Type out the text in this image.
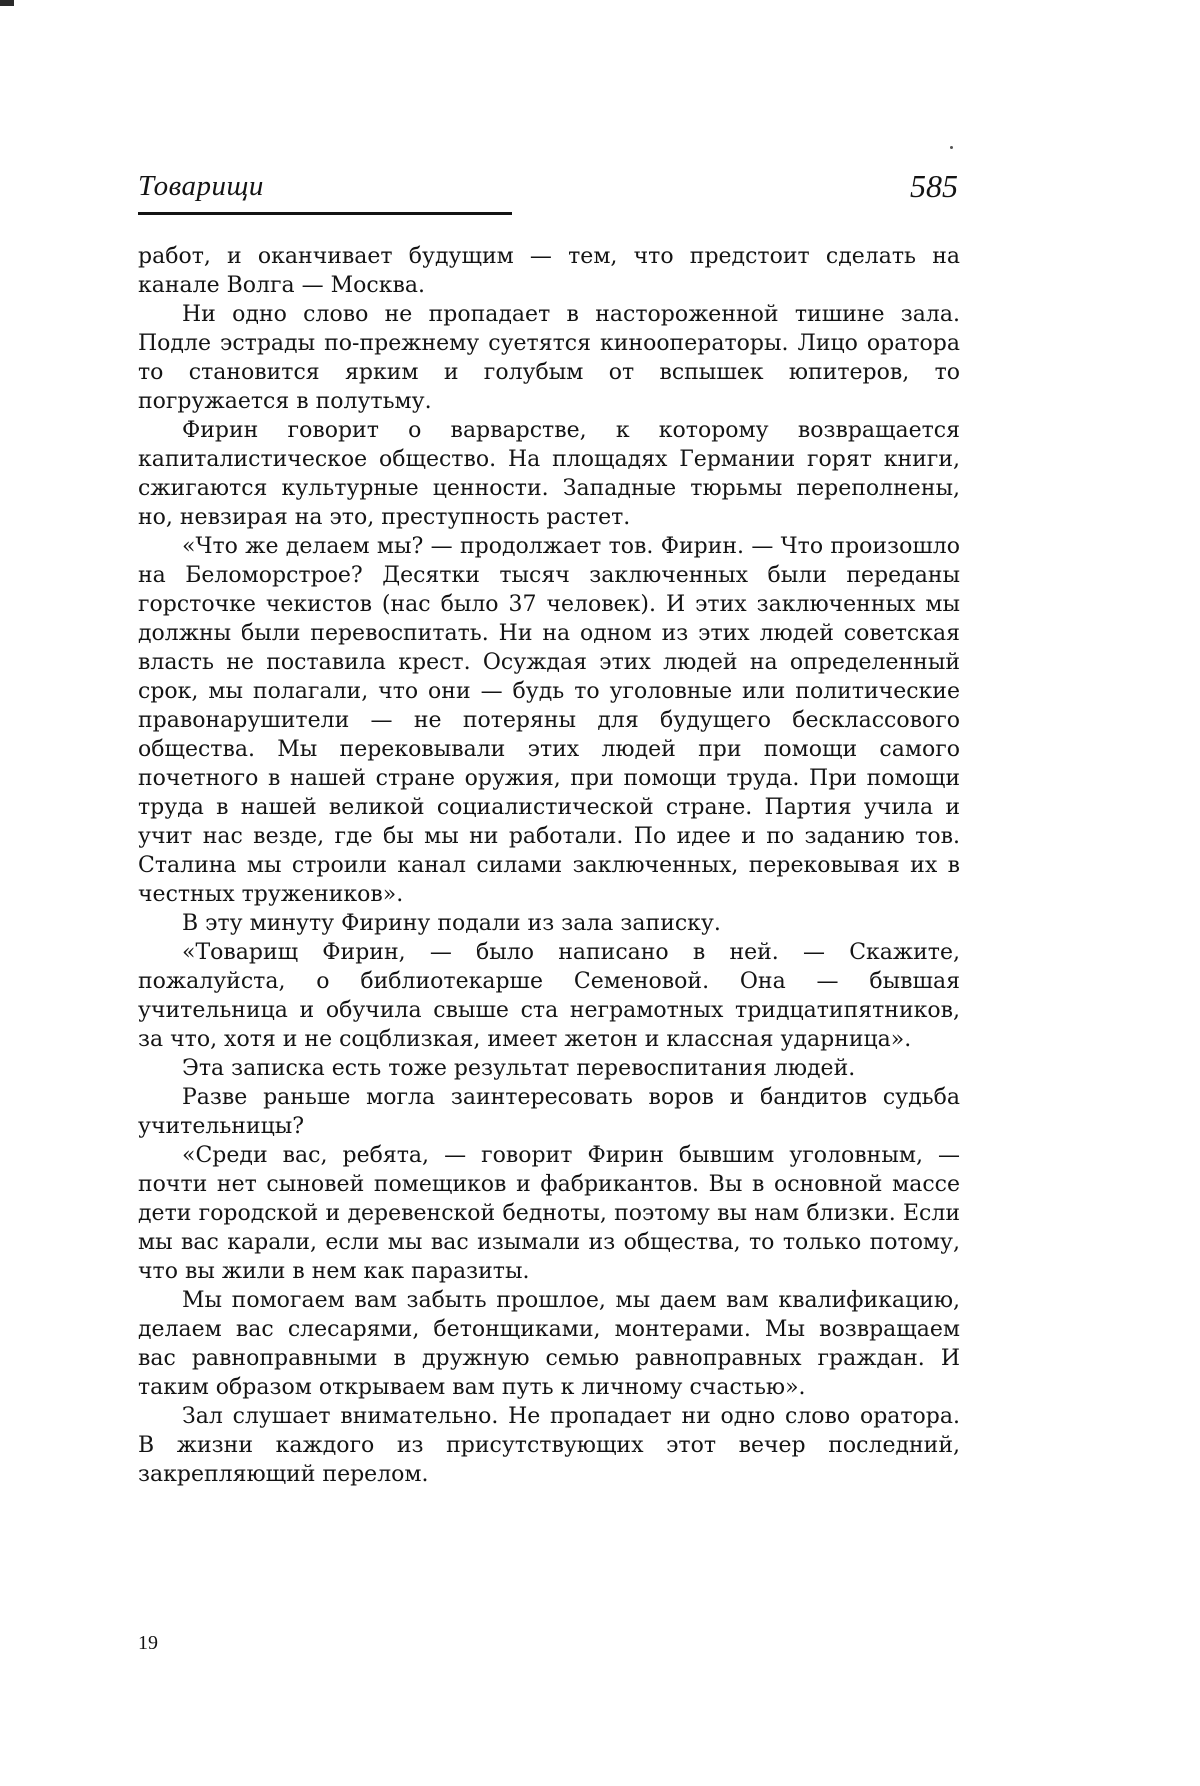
Товарищи	585

работ, и оканчивает будущим — тем, что предстоит сделать на канале Волга — Москва.

Ни одно слово не пропадает в настороженной тишине зала. Подле эстрады по-прежнему суетятся кинооператоры. Лицо оратора то становится ярким и голубым от вспышек юпитеров, то погружается в полутьму.

Фирин говорит о варварстве, к которому возвращается капиталистическое общество. На площадях Германии горят книги, сжигаются культурные ценности. Западные тюрьмы переполнены, но, невзирая на это, преступность растет.

«Что же делаем мы? — продолжает тов. Фирин. — Что произошло на Беломорстрое? Десятки тысяч заключенных были переданы горсточке чекистов (нас было 37 человек). И этих заключенных мы должны были перевоспитать. Ни на одном из этих людей советская власть не поставила крест. Осуждая этих людей на определенный срок, мы полагали, что они — будь то уголовные или политические правонарушители — не потеряны для будущего бесклассового общества. Мы перековывали этих людей при помощи самого почетного в нашей стране оружия, при помощи труда. При помощи труда в нашей великой социалистической стране. Партия учила и учит нас везде, где бы мы ни работали. По идее и по заданию тов. Сталина мы строили канал силами заключенных, перековывая их в честных тружеников».

В эту минуту Фирину подали из зала записку.

«Товарищ Фирин, — было написано в ней. — Скажите, пожалуйста, о библиотекарше Семеновой. Она — бывшая учительница и обучила свыше ста неграмотных тридцатипятников, за что, хотя и не соцблизкая, имеет жетон и классная ударница».

Эта записка есть тоже результат перевоспитания людей.

Разве раньше могла заинтересовать воров и бандитов судьба учительницы?

«Среди вас, ребята, — говорит Фирин бывшим уголовным, — почти нет сыновей помещиков и фабрикантов. Вы в основной массе дети городской и деревенской бедноты, поэтому вы нам близки. Если мы вас карали, если мы вас изымали из общества, то только потому, что вы жили в нем как паразиты.

Мы помогаем вам забыть прошлое, мы даем вам квалификацию, делаем вас слесарями, бетонщиками, монтерами. Мы возвращаем вас равноправными в дружную семью равноправных граждан. И таким образом открываем вам путь к личному счастью».

Зал слушает внимательно. Не пропадает ни одно слово оратора. В жизни каждого из присутствующих этот вечер последний, закрепляющий перелом.

19
